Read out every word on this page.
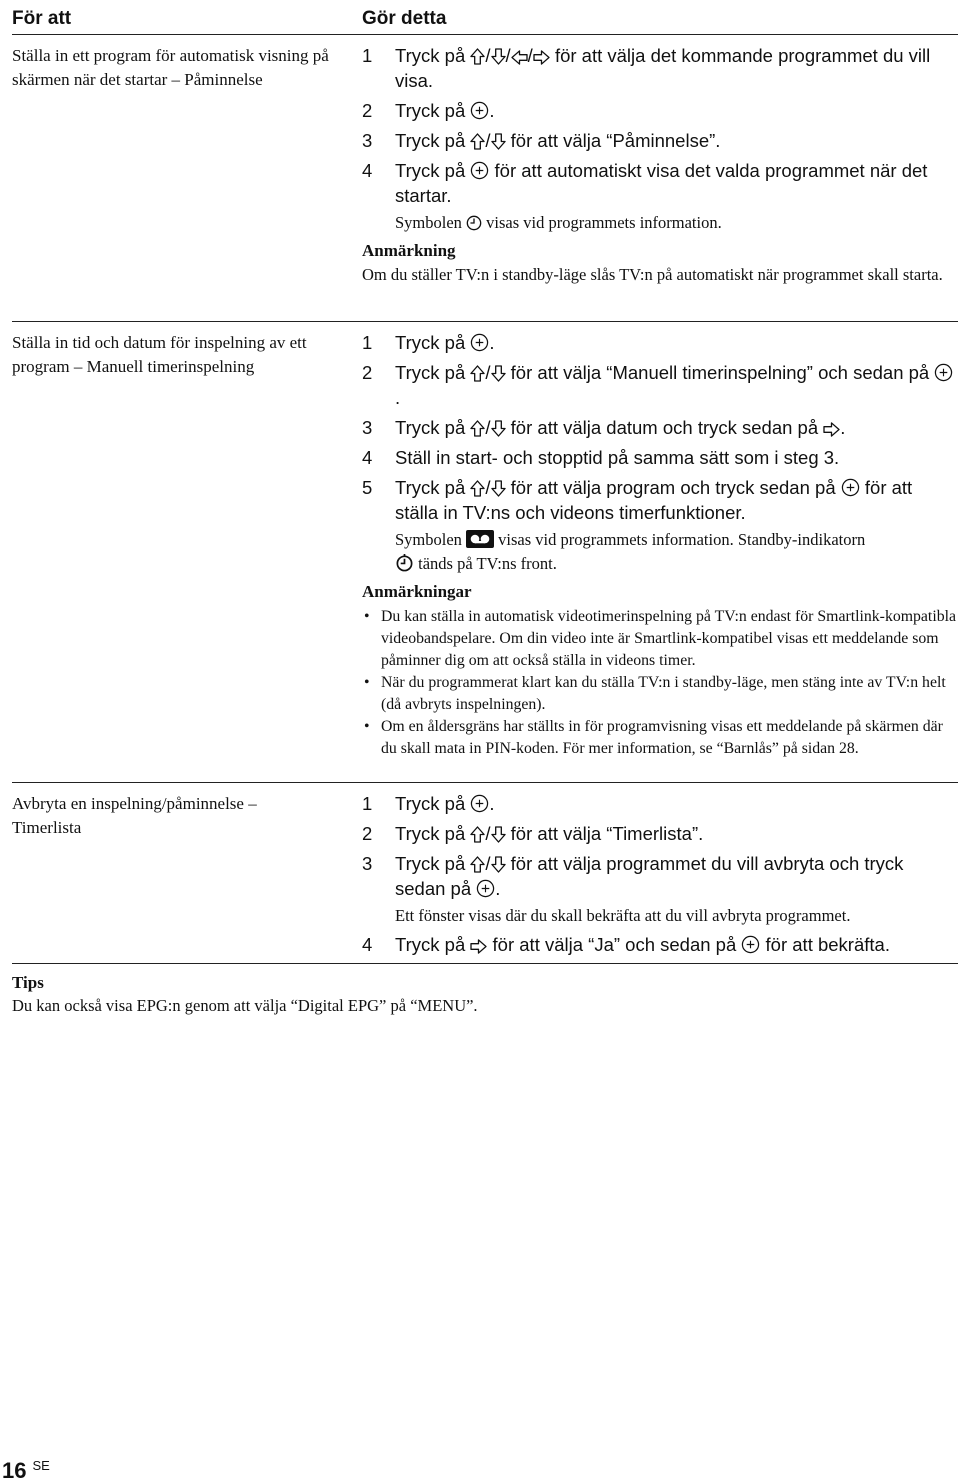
För att	Gör detta
Ställa in ett program för automatisk visning på skärmen när det startar – Påminnelse
1	Tryck på / / / för att välja det kommande programmet du vill visa.
2	Tryck på .
3	Tryck på / för att välja “Påminnelse”.
4	Tryck på för att automatiskt visa det valda programmet när det startar.
Symbolen visas vid programmets information.
Anmärkning
Om du ställer TV:n i standby-läge slås TV:n på automatiskt när programmet skall starta.
Ställa in tid och datum för inspelning av ett program – Manuell timerinspelning
1	Tryck på .
2	Tryck på / för att välja “Manuell timerinspelning” och sedan på .
3	Tryck på / för att välja datum och tryck sedan på .
4	Ställ in start- och stopptid på samma sätt som i steg 3.
5	Tryck på / för att välja program och tryck sedan på för att ställa in TV:ns och videons timerfunktioner.
Symbolen visas vid programmets information. Standby-indikatorn
tänds på TV:ns front.
Anmärkningar
• Du kan ställa in automatisk videotimerinspelning på TV:n endast för Smartlink-kompatibla videobandspelare. Om din video inte är Smartlink-kompatibel visas ett meddelande som påminner dig om att också ställa in videons timer.
• När du programmerat klart kan du ställa TV:n i standby-läge, men stäng inte av TV:n helt (då avbryts inspelningen).
• Om en åldersgräns har ställts in för programvisning visas ett meddelande på skärmen där du skall mata in PIN-koden. För mer information, se “Barnlås” på sidan 28.
Avbryta en inspelning/påminnelse – Timerlista
1	Tryck på .
2	Tryck på / för att välja “Timerlista”.
3	Tryck på / för att välja programmet du vill avbryta och tryck sedan på .
Ett fönster visas där du skall bekräfta att du vill avbryta programmet.
4	Tryck på för att välja “Ja” och sedan på för att bekräfta.
Tips
Du kan också visa EPG:n genom att välja “Digital EPG” på “MENU”.
16 $^{SE}$
